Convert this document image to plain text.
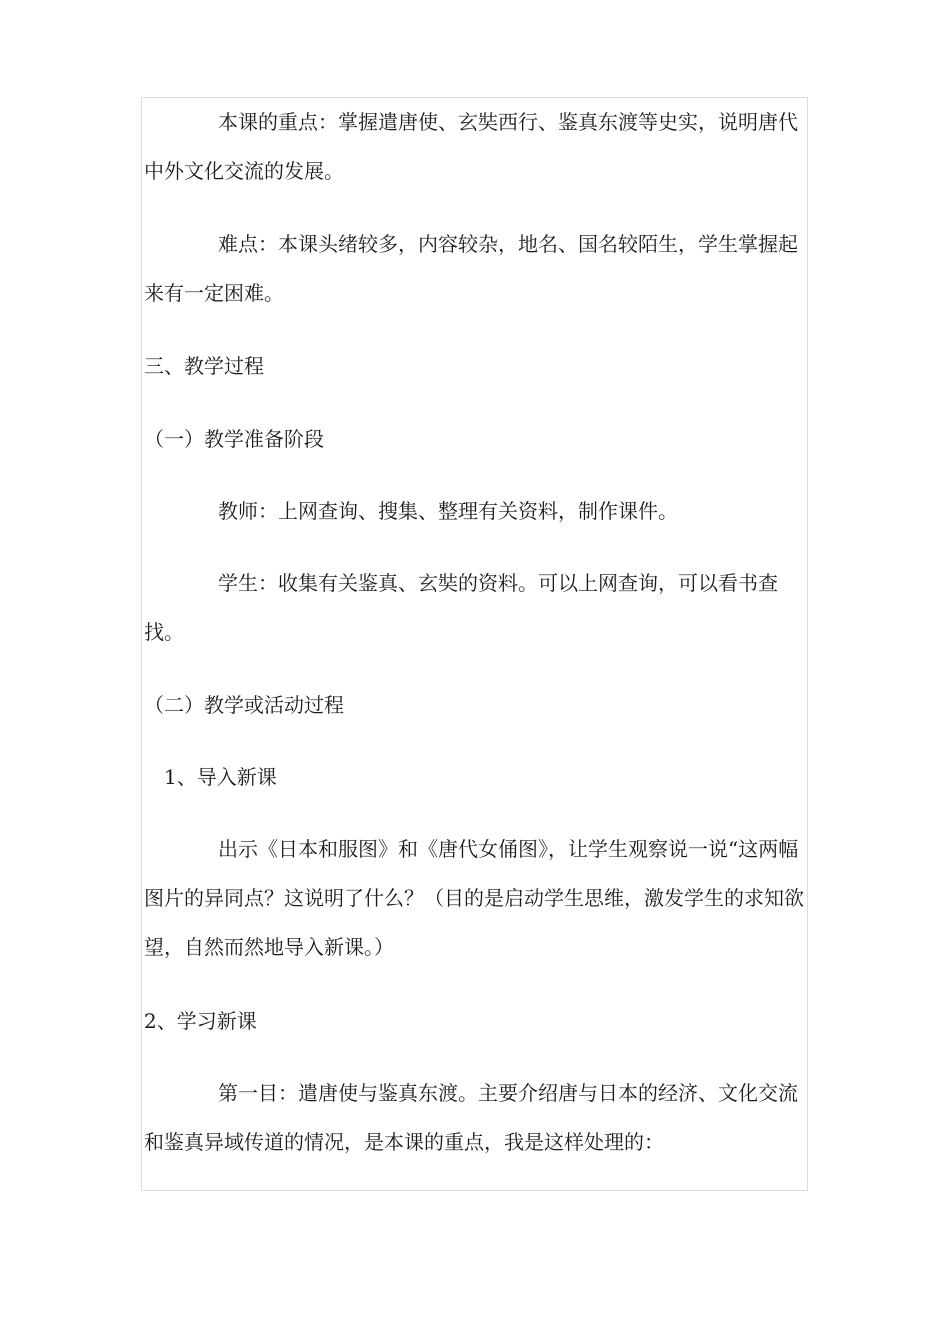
本课的重点：掌握遣唐使、玄奘西行、鉴真东渡等史实，说明唐代中外文化交流的发展。

难点：本课头绪较多，内容较杂，地名、国名较陌生，学生掌握起来有一定困难。

三、教学过程

（一）教学准备阶段

教师：上网查询、搜集、整理有关资料，制作课件。

学生：收集有关鉴真、玄奘的资料。可以上网查询，可以看书查找。

（二）教学或活动过程

1、导入新课

出示《日本和服图》和《唐代女俑图》，让学生观察说一说“这两幅图片的异同点？这说明了什么？（目的是启动学生思维，激发学生的求知欲望，自然而然地导入新课。）

2、学习新课

第一目：遣唐使与鉴真东渡。主要介绍唐与日本的经济、文化交流和鉴真异域传道的情况，是本课的重点，我是这样处理的：
